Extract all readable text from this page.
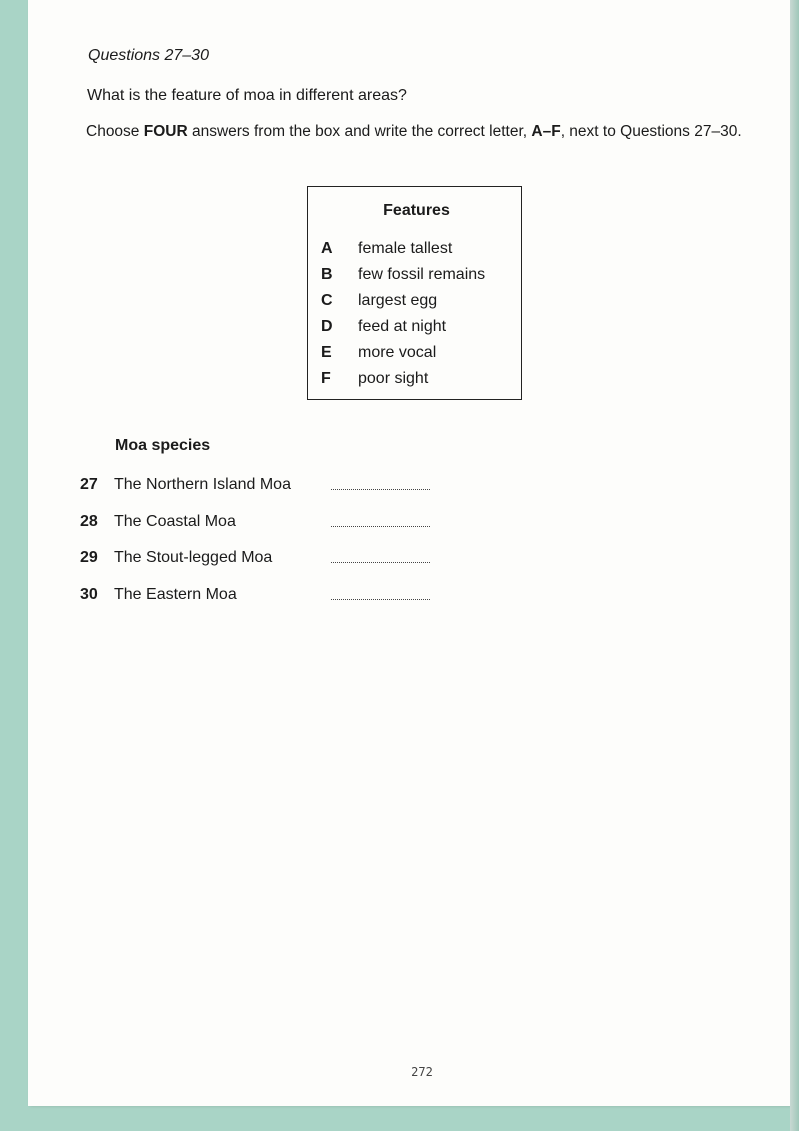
Questions 27–30
What is the feature of moa in different areas?
Choose FOUR answers from the box and write the correct letter, A–F, next to Questions 27–30.
Features
A female tallest
B few fossil remains
C largest egg
D feed at night
E more vocal
F poor sight
Moa species
27 The Northern Island Moa
28 The Coastal Moa
29 The Stout-legged Moa
30 The Eastern Moa
272
